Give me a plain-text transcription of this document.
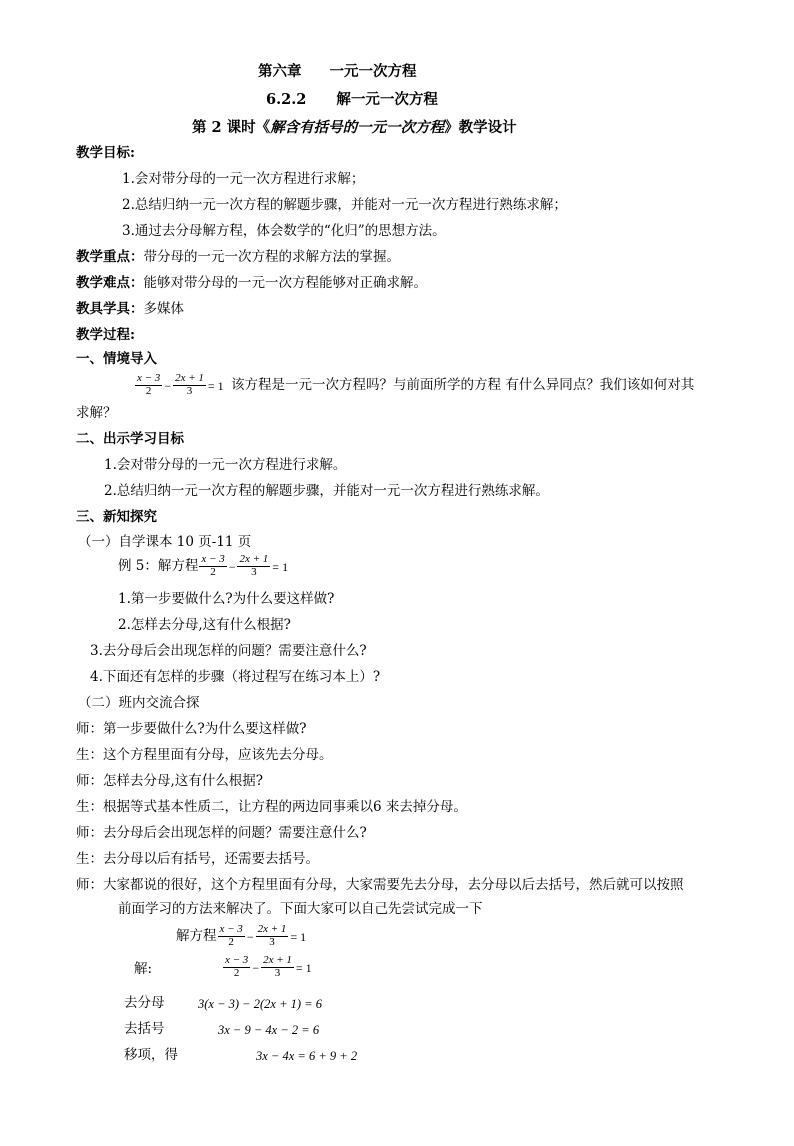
第六章 一元一次方程
6.2.2 解一元一次方程
第 2 课时《解含有括号的一元一次方程》教学设计
教学目标:
1.会对带分母的一元一次方程进行求解；
2.总结归纳一元一次方程的解题步骤，并能对一元一次方程进行熟练求解；
3.通过去分母解方程，体会数学的“化归”的思想方法。
教学重点：带分母的一元一次方程的求解方法的掌握。
教学难点：能够对带分母的一元一次方程能够对正确求解。
教具学具：多媒体
教学过程:
一、情境导入
$\frac{x - 3}{2} - \frac{2x + 1}{3} = 1$ 该方程是一元一次方程吗？与前面所学的方程 有什么异同点？我们该如何对其
求解？
二、出示学习目标
1.会对带分母的一元一次方程进行求解。
2.总结归纳一元一次方程的解题步骤，并能对一元一次方程进行熟练求解。
三、新知探究
（一）自学课本 10 页-11 页
例 5：解方程 $\frac{x - 3}{2} - \frac{2x + 1}{3} = 1$
1.第一步要做什么?为什么要这样做?
2.怎样去分母,这有什么根据?
3.去分母后会出现怎样的问题？需要注意什么?
4.下面还有怎样的步骤（将过程写在练习本上）?
（二）班内交流合探
师：第一步要做什么?为什么要这样做?
生：这个方程里面有分母，应该先去分母。
师：怎样去分母,这有什么根据?
生：根据等式基本性质二，让方程的两边同事乘以6 来去掉分母。
师：去分母后会出现怎样的问题？需要注意什么?
生：去分母以后有括号，还需要去括号。
师：大家都说的很好，这个方程里面有分母，大家需要先去分母，去分母以后去括号，然后就可以按照
前面学习的方法来解决了。下面大家可以自己先尝试完成一下
解方程 $\frac{x - 3}{2} - \frac{2x + 1}{3} = 1$
解:	$\frac{x - 3}{2} - \frac{2x + 1}{3} = 1$
去分母	3(x − 3) − 2(2x + 1) = 6
去括号	3x − 9 − 4x − 2 = 6
移项，得	3x − 4x = 6 + 9 + 2
